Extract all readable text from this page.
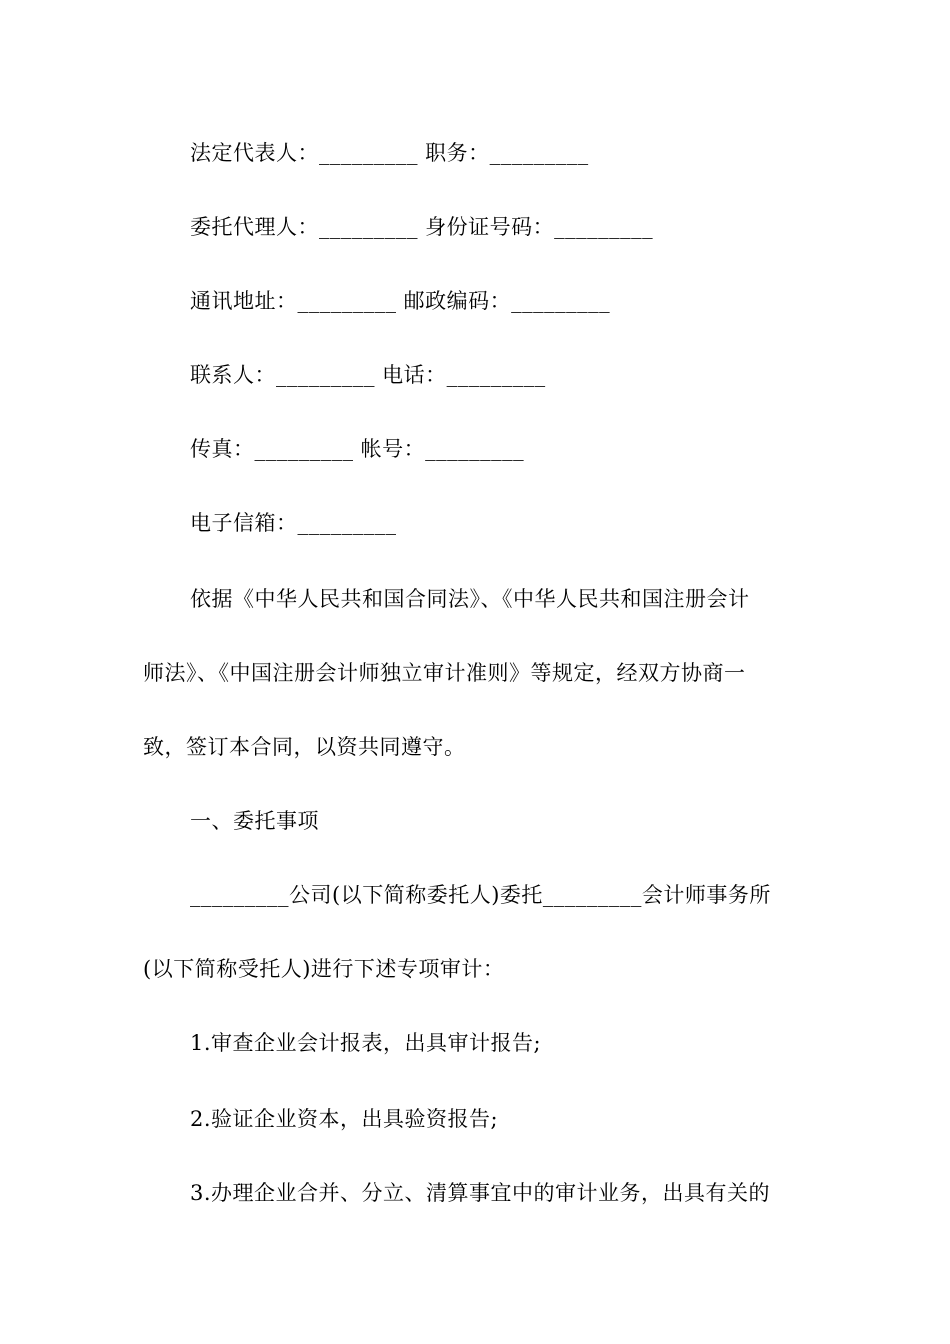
法定代表人：_________ 职务：_________
委托代理人：_________ 身份证号码：_________
通讯地址：_________ 邮政编码：_________
联系人：_________ 电话：_________
传真：_________ 帐号：_________
电子信箱：_________
依据《中华人民共和国合同法》、《中华人民共和国注册会计
师法》、《中国注册会计师独立审计准则》等规定，经双方协商一
致，签订本合同，以资共同遵守。
一、委托事项
_________公司(以下简称委托人)委托_________会计师事务所
(以下简称受托人)进行下述专项审计：
1.审查企业会计报表，出具审计报告;
2.验证企业资本，出具验资报告;
3.办理企业合并、分立、清算事宜中的审计业务，出具有关的
